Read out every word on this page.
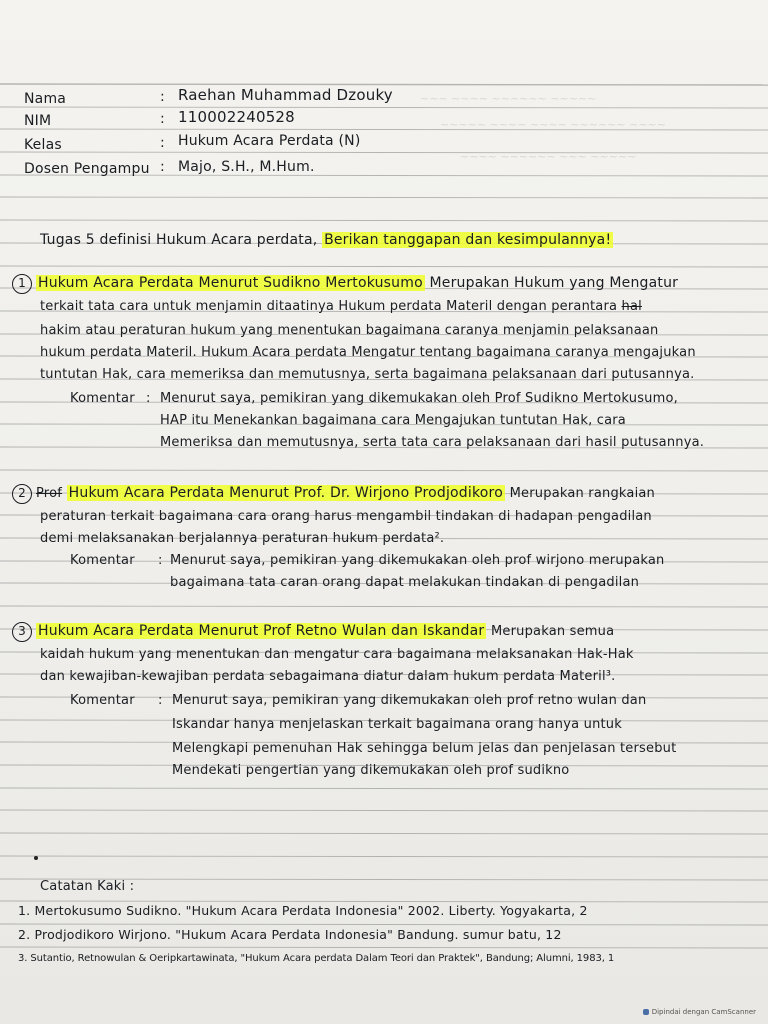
~~~ ~~~~ ~~~~~~ ~~~~~
~~~~~ ~~~~ ~~~~ ~~~~~~ ~~~~
~~~~ ~~~~~~ ~~~ ~~~~~
Nama	: Raehan Muhammad Dzouky
NIM	: 110002240528
Kelas	: Hukum Acara Perdata (N)
Dosen Pengampu : Majo, S.H., M.Hum.
Tugas 5 definisi Hukum Acara perdata, Berikan tanggapan dan kesimpulannya!
1 Hukum Acara Perdata Menurut Sudikno Mertokusumo Merupakan Hukum yang Mengatur
terkait tata cara untuk menjamin ditaatinya Hukum perdata Materil dengan perantara hal
hakim atau peraturan hukum yang menentukan bagaimana caranya menjamin pelaksanaan
hukum perdata Materil. Hukum Acara perdata Mengatur tentang bagaimana caranya mengajukan
tuntutan Hak, cara memeriksa dan memutusnya, serta bagaimana pelaksanaan dari putusannya.
Komentar : Menurut saya, pemikiran yang dikemukakan oleh Prof Sudikno Mertokusumo,
HAP itu Menekankan bagaimana cara Mengajukan tuntutan Hak, cara
Memeriksa dan memutusnya, serta tata cara pelaksanaan dari hasil putusannya.
2 Prof Hukum Acara Perdata Menurut Prof. Dr. Wirjono Prodjodikoro Merupakan rangkaian
peraturan terkait bagaimana cara orang harus mengambil tindakan di hadapan pengadilan
demi melaksanakan berjalannya peraturan hukum perdata².
Komentar : Menurut saya, pemikiran yang dikemukakan oleh prof wirjono merupakan
bagaimana tata caran orang dapat melakukan tindakan di pengadilan
3 Hukum Acara Perdata Menurut Prof Retno Wulan dan Iskandar Merupakan semua
kaidah hukum yang menentukan dan mengatur cara bagaimana melaksanakan Hak-Hak
dan kewajiban-kewajiban perdata sebagaimana diatur dalam hukum perdata Materil³.
Komentar : Menurut saya, pemikiran yang dikemukakan oleh prof retno wulan dan
Iskandar hanya menjelaskan terkait bagaimana orang hanya untuk
Melengkapi pemenuhan Hak sehingga belum jelas dan penjelasan tersebut
Mendekati pengertian yang dikemukakan oleh prof sudikno
Catatan Kaki :
1. Mertokusumo Sudikno. "Hukum Acara Perdata Indonesia" 2002. Liberty. Yogyakarta, 2
2. Prodjodikoro Wirjono. "Hukum Acara Perdata Indonesia" Bandung. sumur batu, 12
3. Sutantio, Retnowulan & Oeripkartawinata, "Hukum Acara perdata Dalam Teori dan Praktek", Bandung; Alumni, 1983, 1
Dipindai dengan CamScanner
